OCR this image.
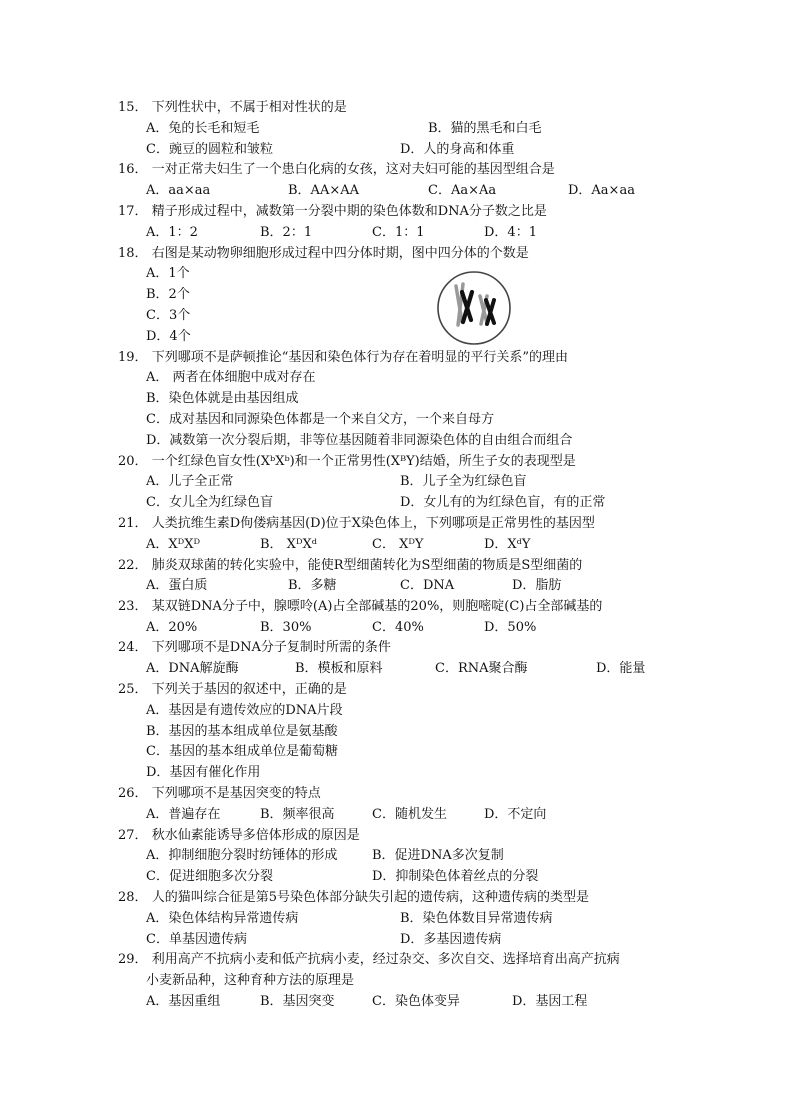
15． 下列性状中，不属于相对性状的是
A．兔的长毛和短毛	B．猫的黑毛和白毛
C．豌豆的圆粒和皱粒	D．人的身高和体重
16． 一对正常夫妇生了一个患白化病的女孩，这对夫妇可能的基因型组合是
A．aa×aa	B．AA×AA	C．Aa×Aa	D．Aa×aa
17． 精子形成过程中，减数第一分裂中期的染色体数和DNA分子数之比是
A．1：2	B．2：1	C．1：1	D．4：1
18． 右图是某动物卵细胞形成过程中四分体时期，图中四分体的个数是
A．1个
B．2个
C．3个
D．4个
19． 下列哪项不是萨顿推论“基因和染色体行为存在着明显的平行关系”的理由
A． 两者在体细胞中成对存在
B．染色体就是由基因组成
C．成对基因和同源染色体都是一个来自父方，一个来自母方
D．减数第一次分裂后期，非等位基因随着非同源染色体的自由组合而组合
20． 一个红绿色盲女性(XᵇXᵇ)和一个正常男性(XᴮY)结婚，所生子女的表现型是
A．儿子全正常	B．儿子全为红绿色盲
C．女儿全为红绿色盲	D．女儿有的为红绿色盲，有的正常
21． 人类抗维生素D佝偻病基因(D)位于X染色体上，下列哪项是正常男性的基因型
A．XᴰXᴰ	B． XᴰXᵈ	C． XᴰY	D．XᵈY
22． 肺炎双球菌的转化实验中，能使R型细菌转化为S型细菌的物质是S型细菌的
A．蛋白质	B．多糖	C．DNA	D．脂肪
23． 某双链DNA分子中，腺嘌呤(A)占全部碱基的20%，则胞嘧啶(C)占全部碱基的
A．20%	B．30%	C．40%	D．50%
24． 下列哪项不是DNA分子复制时所需的条件
A．DNA解旋酶	B．模板和原料	C．RNA聚合酶	D．能量
25． 下列关于基因的叙述中，正确的是
A．基因是有遗传效应的DNA片段
B．基因的基本组成单位是氨基酸
C．基因的基本组成单位是葡萄糖
D．基因有催化作用
26． 下列哪项不是基因突变的特点
A．普遍存在	B．频率很高	C．随机发生	D．不定向
27． 秋水仙素能诱导多倍体形成的原因是
A．抑制细胞分裂时纺锤体的形成	B．促进DNA多次复制
C．促进细胞多次分裂	D．抑制染色体着丝点的分裂
28． 人的猫叫综合征是第5号染色体部分缺失引起的遗传病，这种遗传病的类型是
A．染色体结构异常遗传病	B．染色体数目异常遗传病
C．单基因遗传病	D．多基因遗传病
29． 利用高产不抗病小麦和低产抗病小麦，经过杂交、多次自交、选择培育出高产抗病
小麦新品种，这种育种方法的原理是
A．基因重组	B．基因突变	C．染色体变异	D．基因工程
